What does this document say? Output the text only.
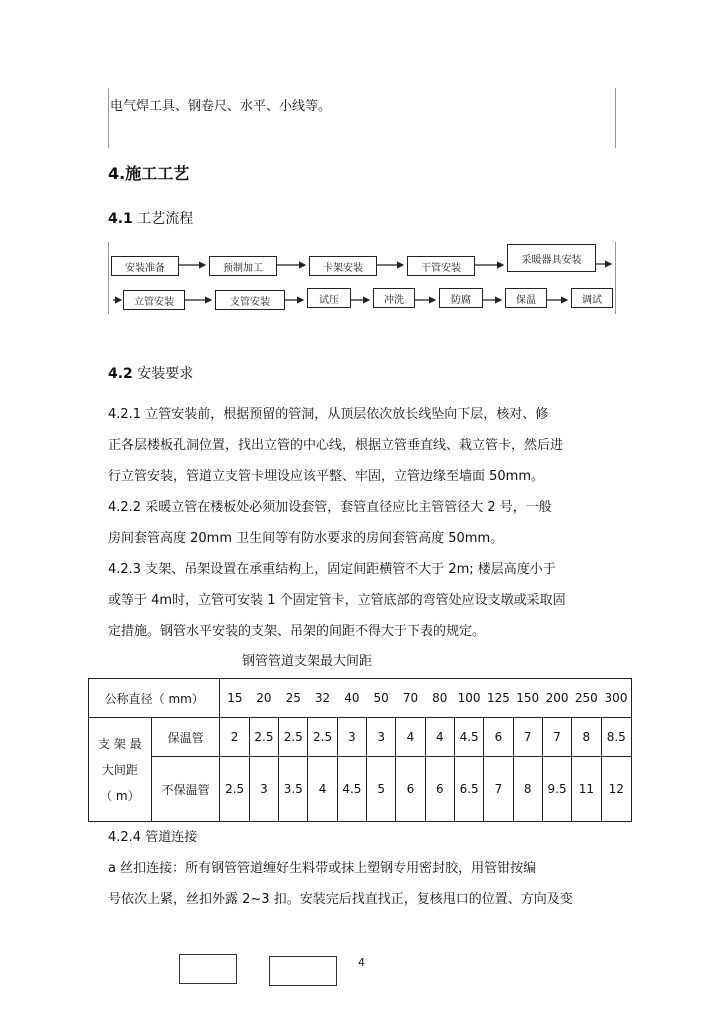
电气焊工具、钢卷尺、水平、小线等。
4.施工工艺
4.1 工艺流程
安装准备	预制加工	卡架安装	干管安装
采暖器具安装
立管安装	支管安装	试压	冲洗	防腐	保温	调试
4.2 安装要求
4.2.1 立管安装前，根据预留的管洞，从顶层依次放长线坠向下层，核对、修
正各层楼板孔洞位置，找出立管的中心线，根据立管垂直线、栽立管卡，然后进
行立管安装，管道立支管卡埋设应该平整、牢固，立管边缘至墙面 50mm。
4.2.2 采暖立管在楼板处必须加设套管，套管直径应比主管管径大 2 号，一般
房间套管高度 20mm 卫生间等有防水要求的房间套管高度 50mm。
4.2.3 支架、吊架设置在承重结构上，固定间距横管不大于 2m; 楼层高度小于
或等于 4m时，立管可安装 1 个固定管卡，立管底部的弯管处应设支墩或采取固
定措施。钢管水平安装的支架、吊架的间距不得大于下表的规定。
钢管管道支架最大间距
公称直径（ mm）		15	20	25	32	40	50	70	80	100	125	150	200	250	300
支 架 最
大间距
（ m）	保温管	2	2.5	2.5	2.5	3	3	4	4	4.5	6	7	7	8	8.5
	不保温管	2.5	3	3.5	4	4.5	5	6	6	6.5	7	8	9.5	11	12
4.2.4 管道连接
a 丝扣连接：所有钢管管道缠好生料带或抹上塑钢专用密封胶，用管钳按编
号依次上紧，丝扣外露 2~3 扣。安装完后找直找正，复核甩口的位置、方向及变
4
